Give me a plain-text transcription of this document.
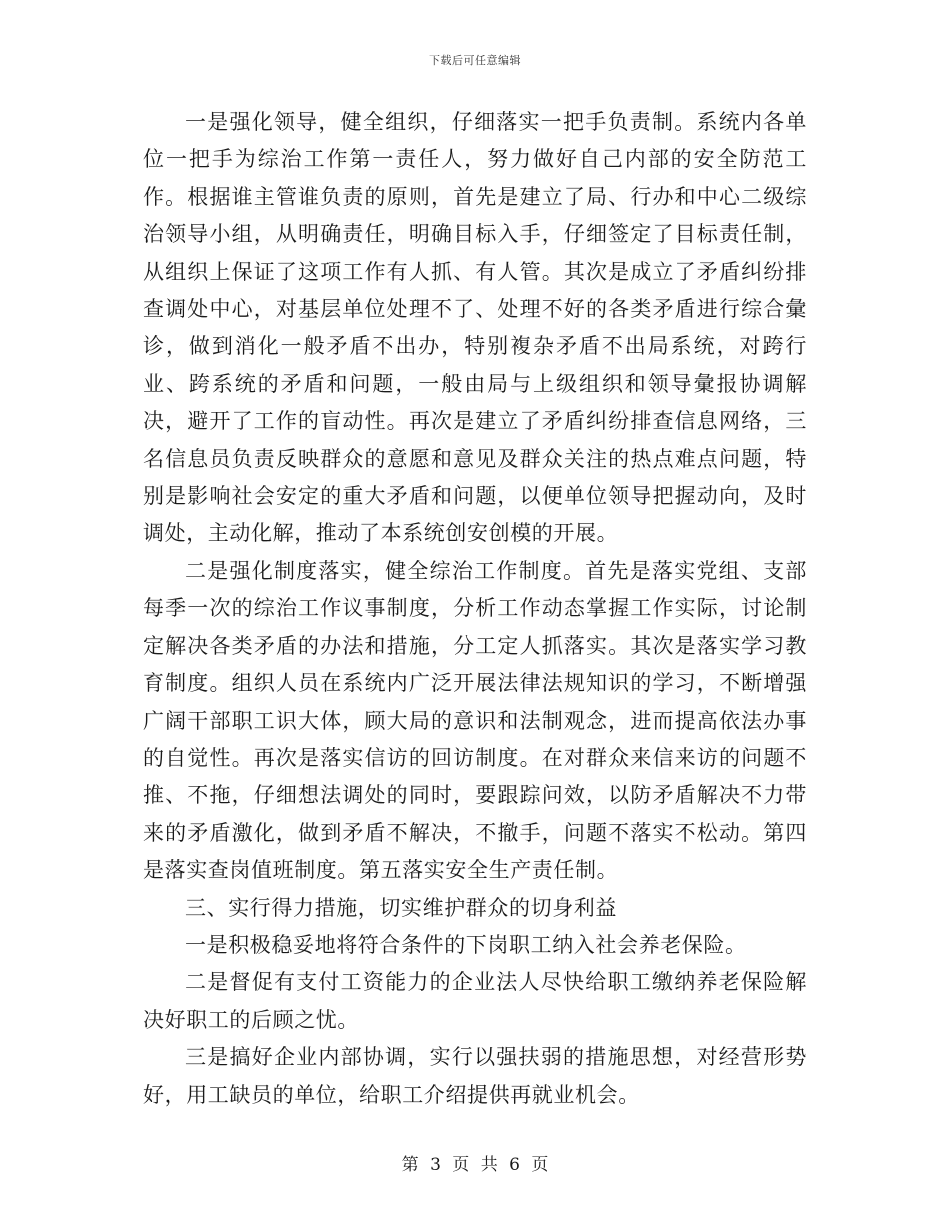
下载后可任意编辑

一是强化领导，健全组织，仔细落实一把手负责制。系统内各单位一把手为综治工作第一责任人，努力做好自己内部的安全防范工作。根据谁主管谁负责的原则，首先是建立了局、行办和中心二级综治领导小组，从明确责任，明确目标入手，仔细签定了目标责任制，从组织上保证了这项工作有人抓、有人管。其次是成立了矛盾纠纷排查调处中心，对基层单位处理不了、处理不好的各类矛盾进行综合彙诊，做到消化一般矛盾不出办，特别複杂矛盾不出局系统，对跨行业、跨系统的矛盾和问题，一般由局与上级组织和领导彙报协调解决，避开了工作的盲动性。再次是建立了矛盾纠纷排查信息网络，三名信息员负责反映群众的意愿和意见及群众关注的热点难点问题，特别是影响社会安定的重大矛盾和问题，以便单位领导把握动向，及时调处，主动化解，推动了本系统创安创模的开展。

二是强化制度落实，健全综治工作制度。首先是落实党组、支部每季一次的综治工作议事制度，分析工作动态掌握工作实际，讨论制定解决各类矛盾的办法和措施，分工定人抓落实。其次是落实学习教育制度。组织人员在系统内广泛开展法律法规知识的学习，不断增强广阔干部职工识大体，顾大局的意识和法制观念，进而提高依法办事的自觉性。再次是落实信访的回访制度。在对群众来信来访的问题不推、不拖，仔细想法调处的同时，要跟踪问效，以防矛盾解决不力带来的矛盾激化，做到矛盾不解决，不撤手，问题不落实不松动。第四是落实查岗值班制度。第五落实安全生产责任制。

三、实行得力措施，切实维护群众的切身利益

一是积极稳妥地将符合条件的下岗职工纳入社会养老保险。

二是督促有支付工资能力的企业法人尽快给职工缴纳养老保险解决好职工的后顾之忧。

三是搞好企业内部协调，实行以强扶弱的措施思想，对经营形势好，用工缺员的单位，给职工介绍提供再就业机会。

第 3 页 共 6 页
